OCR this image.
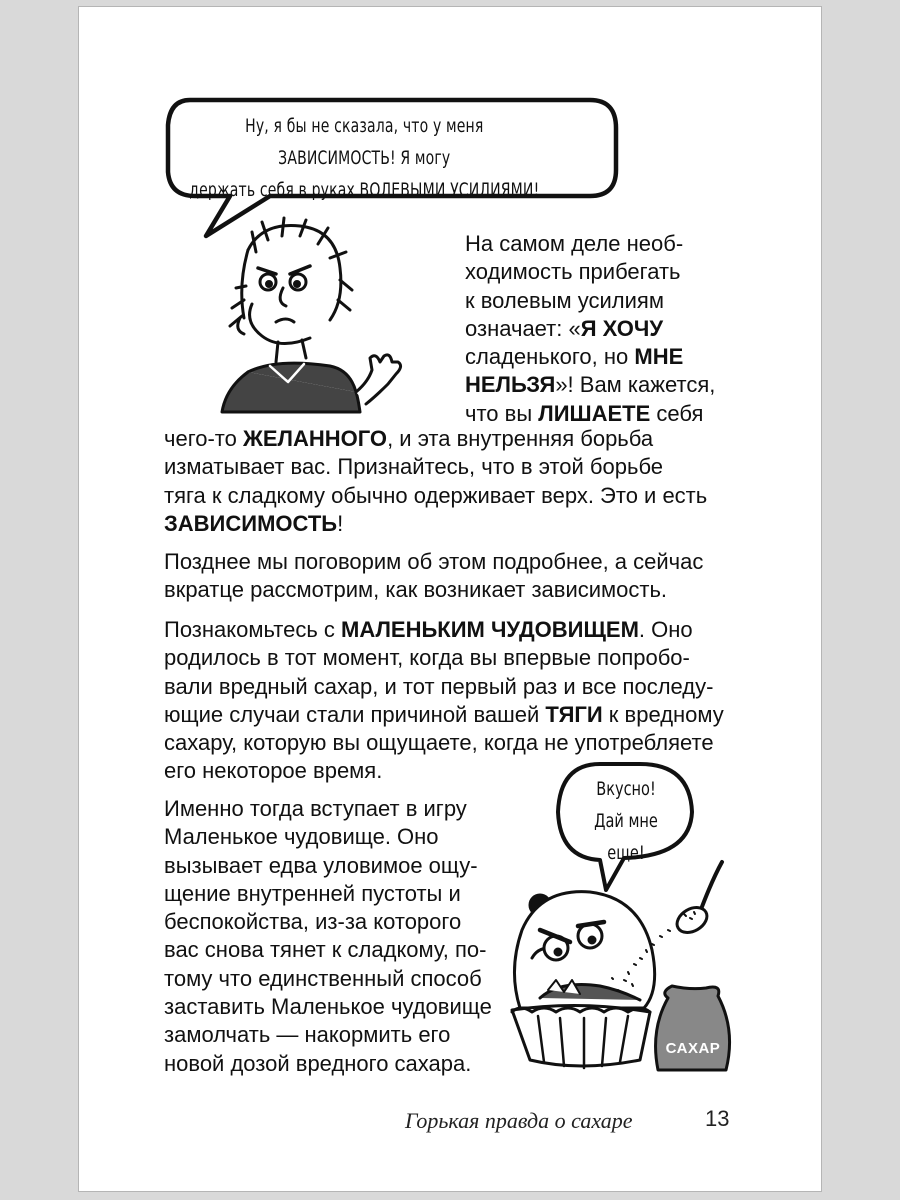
Ну, я бы не сказала, что у меня ЗАВИСИМОСТЬ! Я могу
держать себя в руках ВОЛЕВЫМИ УСИЛИЯМИ!
На самом деле необ-
ходимость прибегать
к волевым усилиям
означает: «Я ХОЧУ
сладенького, но МНЕ
НЕЛЬЗЯ»! Вам кажется,
что вы ЛИШАЕТЕ себя
чего-то ЖЕЛАННОГО, и эта внутренняя борьба
изматывает вас. Признайтесь, что в этой борьбе
тяга к сладкому обычно одерживает верх. Это и есть
ЗАВИСИМОСТЬ!
Позднее мы поговорим об этом подробнее, а сейчас
вкратце рассмотрим, как возникает зависимость.
Познакомьтесь с МАЛЕНЬКИМ ЧУДОВИЩЕМ. Оно
родилось в тот момент, когда вы впервые попробо-
вали вредный сахар, и тот первый раз и все последу-
ющие случаи стали причиной вашей ТЯГИ к вредному
сахару, которую вы ощущаете, когда не употребляете
его некоторое время.
Именно тогда вступает в игру
Маленькое чудовище. Оно
вызывает едва уловимое ощу-
щение внутренней пустоты и
беспокойства, из-за которого
вас снова тянет к сладкому, по-
тому что единственный способ
заставить Маленькое чудовище
замолчать — накормить его
новой дозой вредного сахара.
Вкусно!
Дай мне еще!
САХАР
Горькая правда о сахаре	13
